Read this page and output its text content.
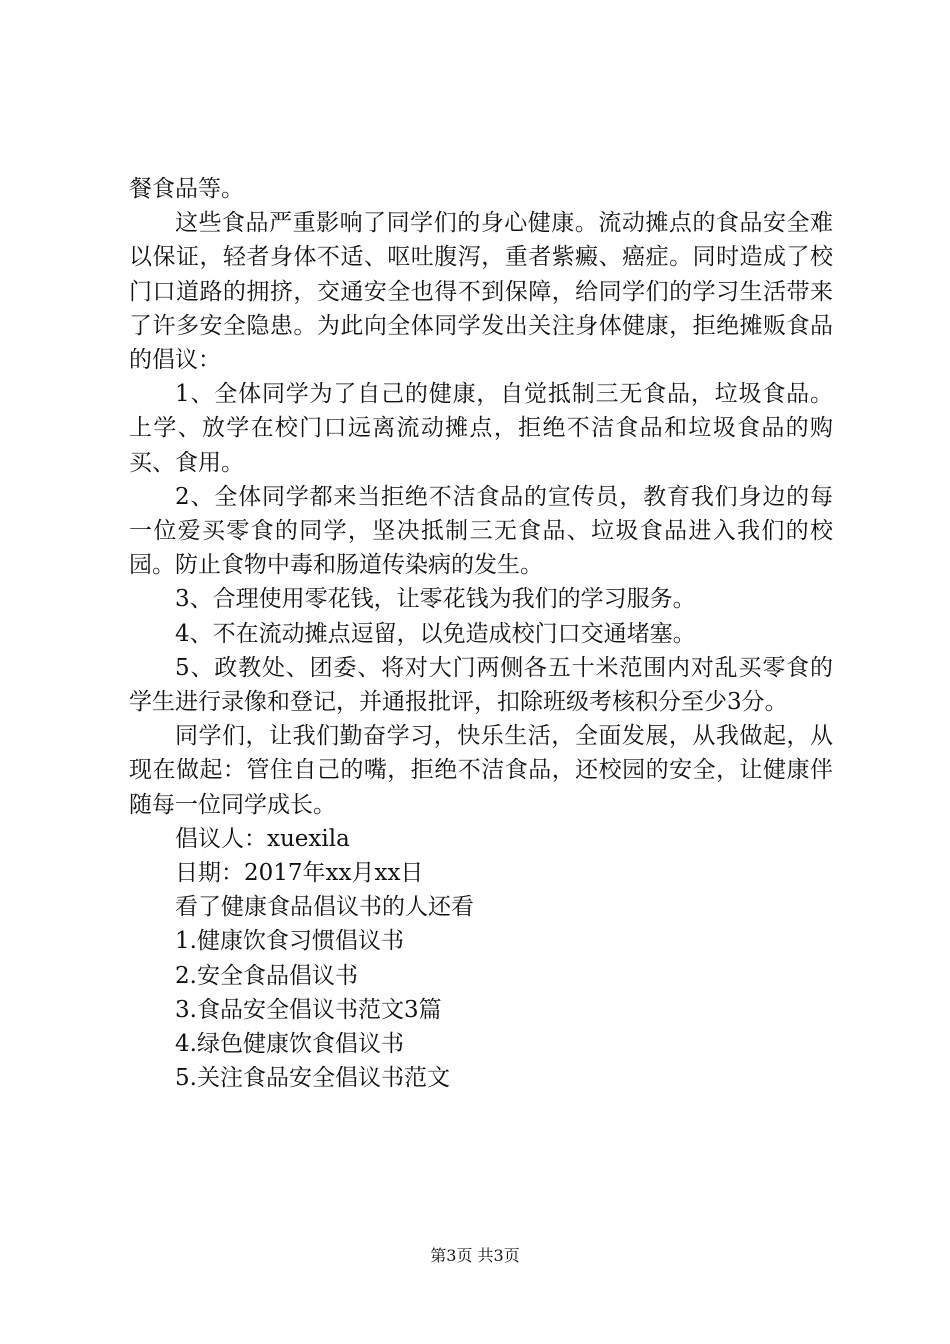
餐食品等。

这些食品严重影响了同学们的身心健康。流动摊点的食品安全难以保证，轻者身体不适、呕吐腹泻，重者紫癜、癌症。同时造成了校门口道路的拥挤，交通安全也得不到保障，给同学们的学习生活带来了许多安全隐患。为此向全体同学发出关注身体健康，拒绝摊贩食品的倡议：

1、全体同学为了自己的健康，自觉抵制三无食品，垃圾食品。上学、放学在校门口远离流动摊点，拒绝不洁食品和垃圾食品的购买、食用。

2、全体同学都来当拒绝不洁食品的宣传员，教育我们身边的每一位爱买零食的同学，坚决抵制三无食品、垃圾食品进入我们的校园。防止食物中毒和肠道传染病的发生。

3、合理使用零花钱，让零花钱为我们的学习服务。

4、不在流动摊点逗留，以免造成校门口交通堵塞。

5、政教处、团委、将对大门两侧各五十米范围内对乱买零食的学生进行录像和登记，并通报批评，扣除班级考核积分至少3分。

同学们，让我们勤奋学习，快乐生活，全面发展，从我做起，从现在做起：管住自己的嘴，拒绝不洁食品，还校园的安全，让健康伴随每一位同学成长。

倡议人：xuexila

日期：2017年xx月xx日

看了健康食品倡议书的人还看

1.健康饮食习惯倡议书

2.安全食品倡议书

3.食品安全倡议书范文3篇

4.绿色健康饮食倡议书

5.关注食品安全倡议书范文

第3页 共3页
